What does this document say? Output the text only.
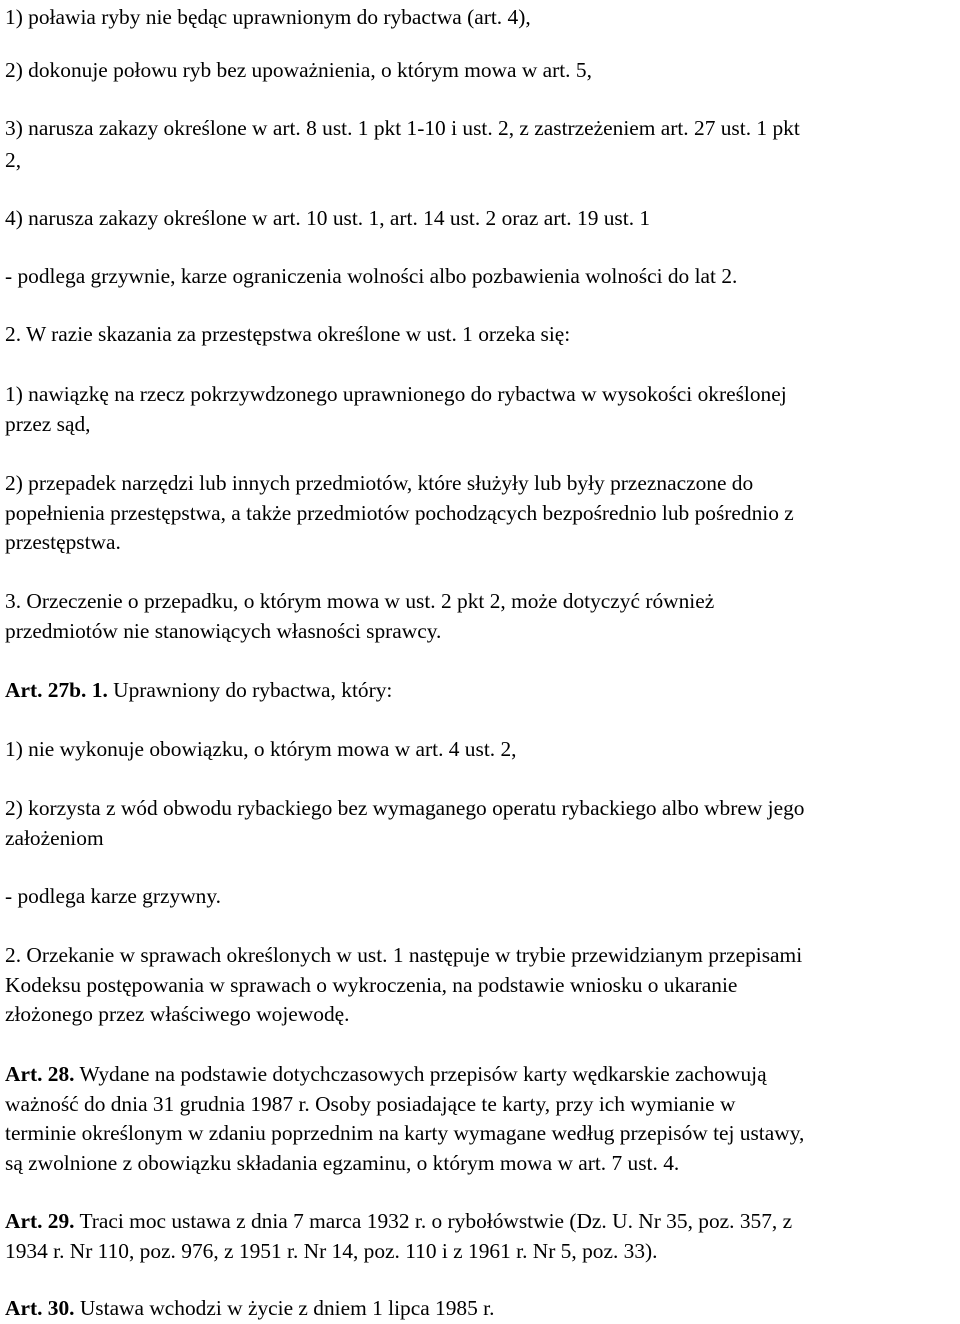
1) poławia ryby nie będąc uprawnionym do rybactwa (art. 4),
2) dokonuje połowu ryb bez upoważnienia, o którym mowa w art. 5,
3) narusza zakazy określone w art. 8 ust. 1 pkt 1-10 i ust. 2, z zastrzeżeniem art. 27 ust. 1 pkt
2,
4) narusza zakazy określone w art. 10 ust. 1, art. 14 ust. 2 oraz art. 19 ust. 1
- podlega grzywnie, karze ograniczenia wolności albo pozbawienia wolności do lat 2.
2. W razie skazania za przestępstwa określone w ust. 1 orzeka się:
1) nawiązkę na rzecz pokrzywdzonego uprawnionego do rybactwa w wysokości określonej
przez sąd,
2) przepadek narzędzi lub innych przedmiotów, które służyły lub były przeznaczone do
popełnienia przestępstwa, a także przedmiotów pochodzących bezpośrednio lub pośrednio z
przestępstwa.
3. Orzeczenie o przepadku, o którym mowa w ust. 2 pkt 2, może dotyczyć również
przedmiotów nie stanowiących własności sprawcy.
Art. 27b. 1. Uprawniony do rybactwa, który:
1) nie wykonuje obowiązku, o którym mowa w art. 4 ust. 2,
2) korzysta z wód obwodu rybackiego bez wymaganego operatu rybackiego albo wbrew jego
założeniom
- podlega karze grzywny.
2. Orzekanie w sprawach określonych w ust. 1 następuje w trybie przewidzianym przepisami
Kodeksu postępowania w sprawach o wykroczenia, na podstawie wniosku o ukaranie
złożonego przez właściwego wojewodę.
Art. 28. Wydane na podstawie dotychczasowych przepisów karty wędkarskie zachowują
ważność do dnia 31 grudnia 1987 r. Osoby posiadające te karty, przy ich wymianie w
terminie określonym w zdaniu poprzednim na karty wymagane według przepisów tej ustawy,
są zwolnione z obowiązku składania egzaminu, o którym mowa w art. 7 ust. 4.
Art. 29. Traci moc ustawa z dnia 7 marca 1932 r. o rybołówstwie (Dz. U. Nr 35, poz. 357, z
1934 r. Nr 110, poz. 976, z 1951 r. Nr 14, poz. 110 i z 1961 r. Nr 5, poz. 33).
Art. 30. Ustawa wchodzi w życie z dniem 1 lipca 1985 r.
